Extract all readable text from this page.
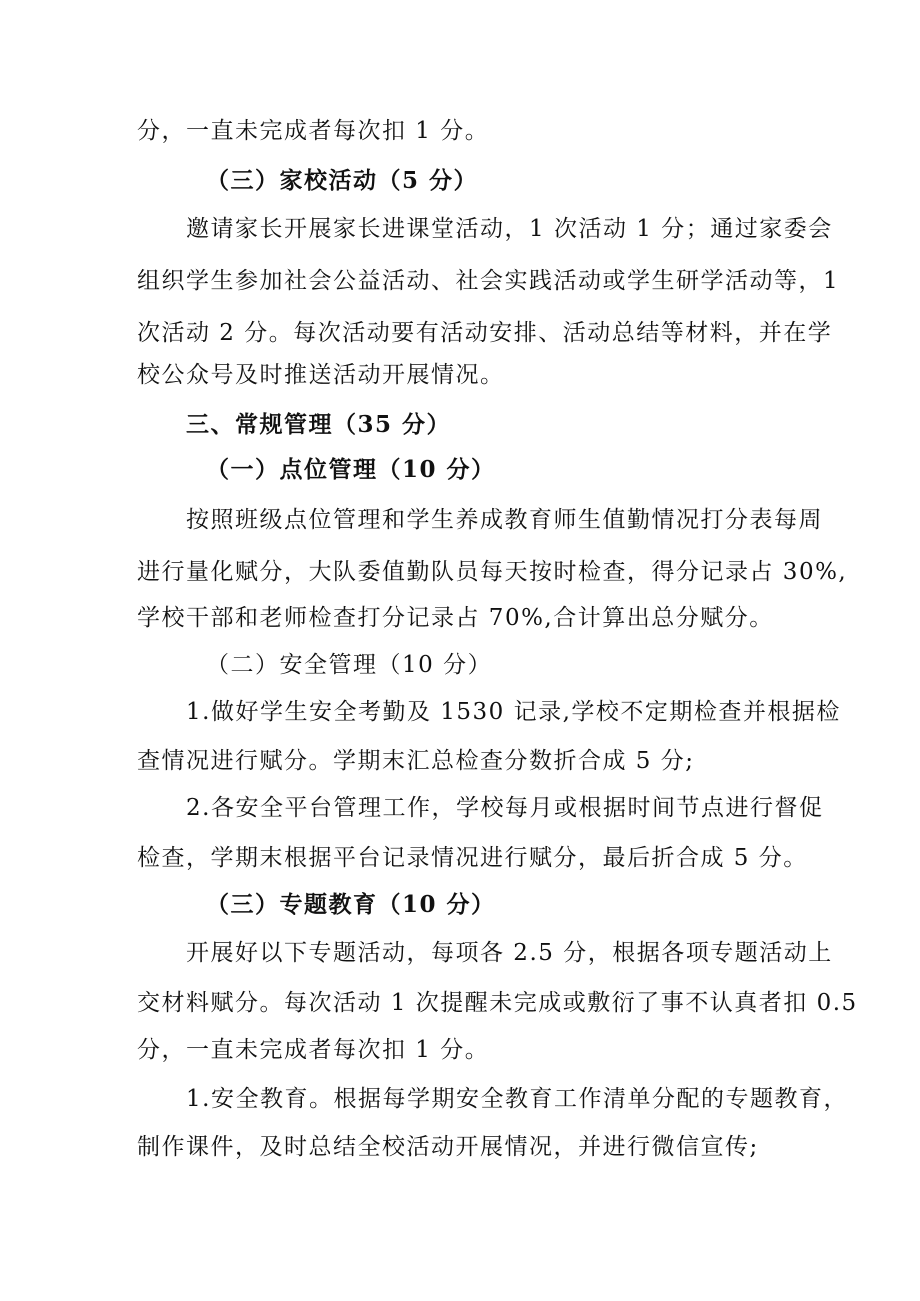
分，一直未完成者每次扣 1 分。
（三）家校活动（5 分）
邀请家长开展家长进课堂活动，1 次活动 1 分；通过家委会
组织学生参加社会公益活动、社会实践活动或学生研学活动等，1
次活动 2 分。每次活动要有活动安排、活动总结等材料，并在学
校公众号及时推送活动开展情况。
三、常规管理（35 分）
（一）点位管理（10 分）
按照班级点位管理和学生养成教育师生值勤情况打分表每周
进行量化赋分，大队委值勤队员每天按时检查，得分记录占 30%,
学校干部和老师检查打分记录占 70%,合计算出总分赋分。
（二）安全管理（10 分）
1.做好学生安全考勤及 1530 记录,学校不定期检查并根据检
查情况进行赋分。学期末汇总检查分数折合成 5 分;
2.各安全平台管理工作，学校每月或根据时间节点进行督促
检查，学期末根据平台记录情况进行赋分，最后折合成 5 分。
（三）专题教育（10 分）
开展好以下专题活动，每项各 2.5 分，根据各项专题活动上
交材料赋分。每次活动 1 次提醒未完成或敷衍了事不认真者扣 0.5
分，一直未完成者每次扣 1 分。
1.安全教育。根据每学期安全教育工作清单分配的专题教育，
制作课件，及时总结全校活动开展情况，并进行微信宣传;
